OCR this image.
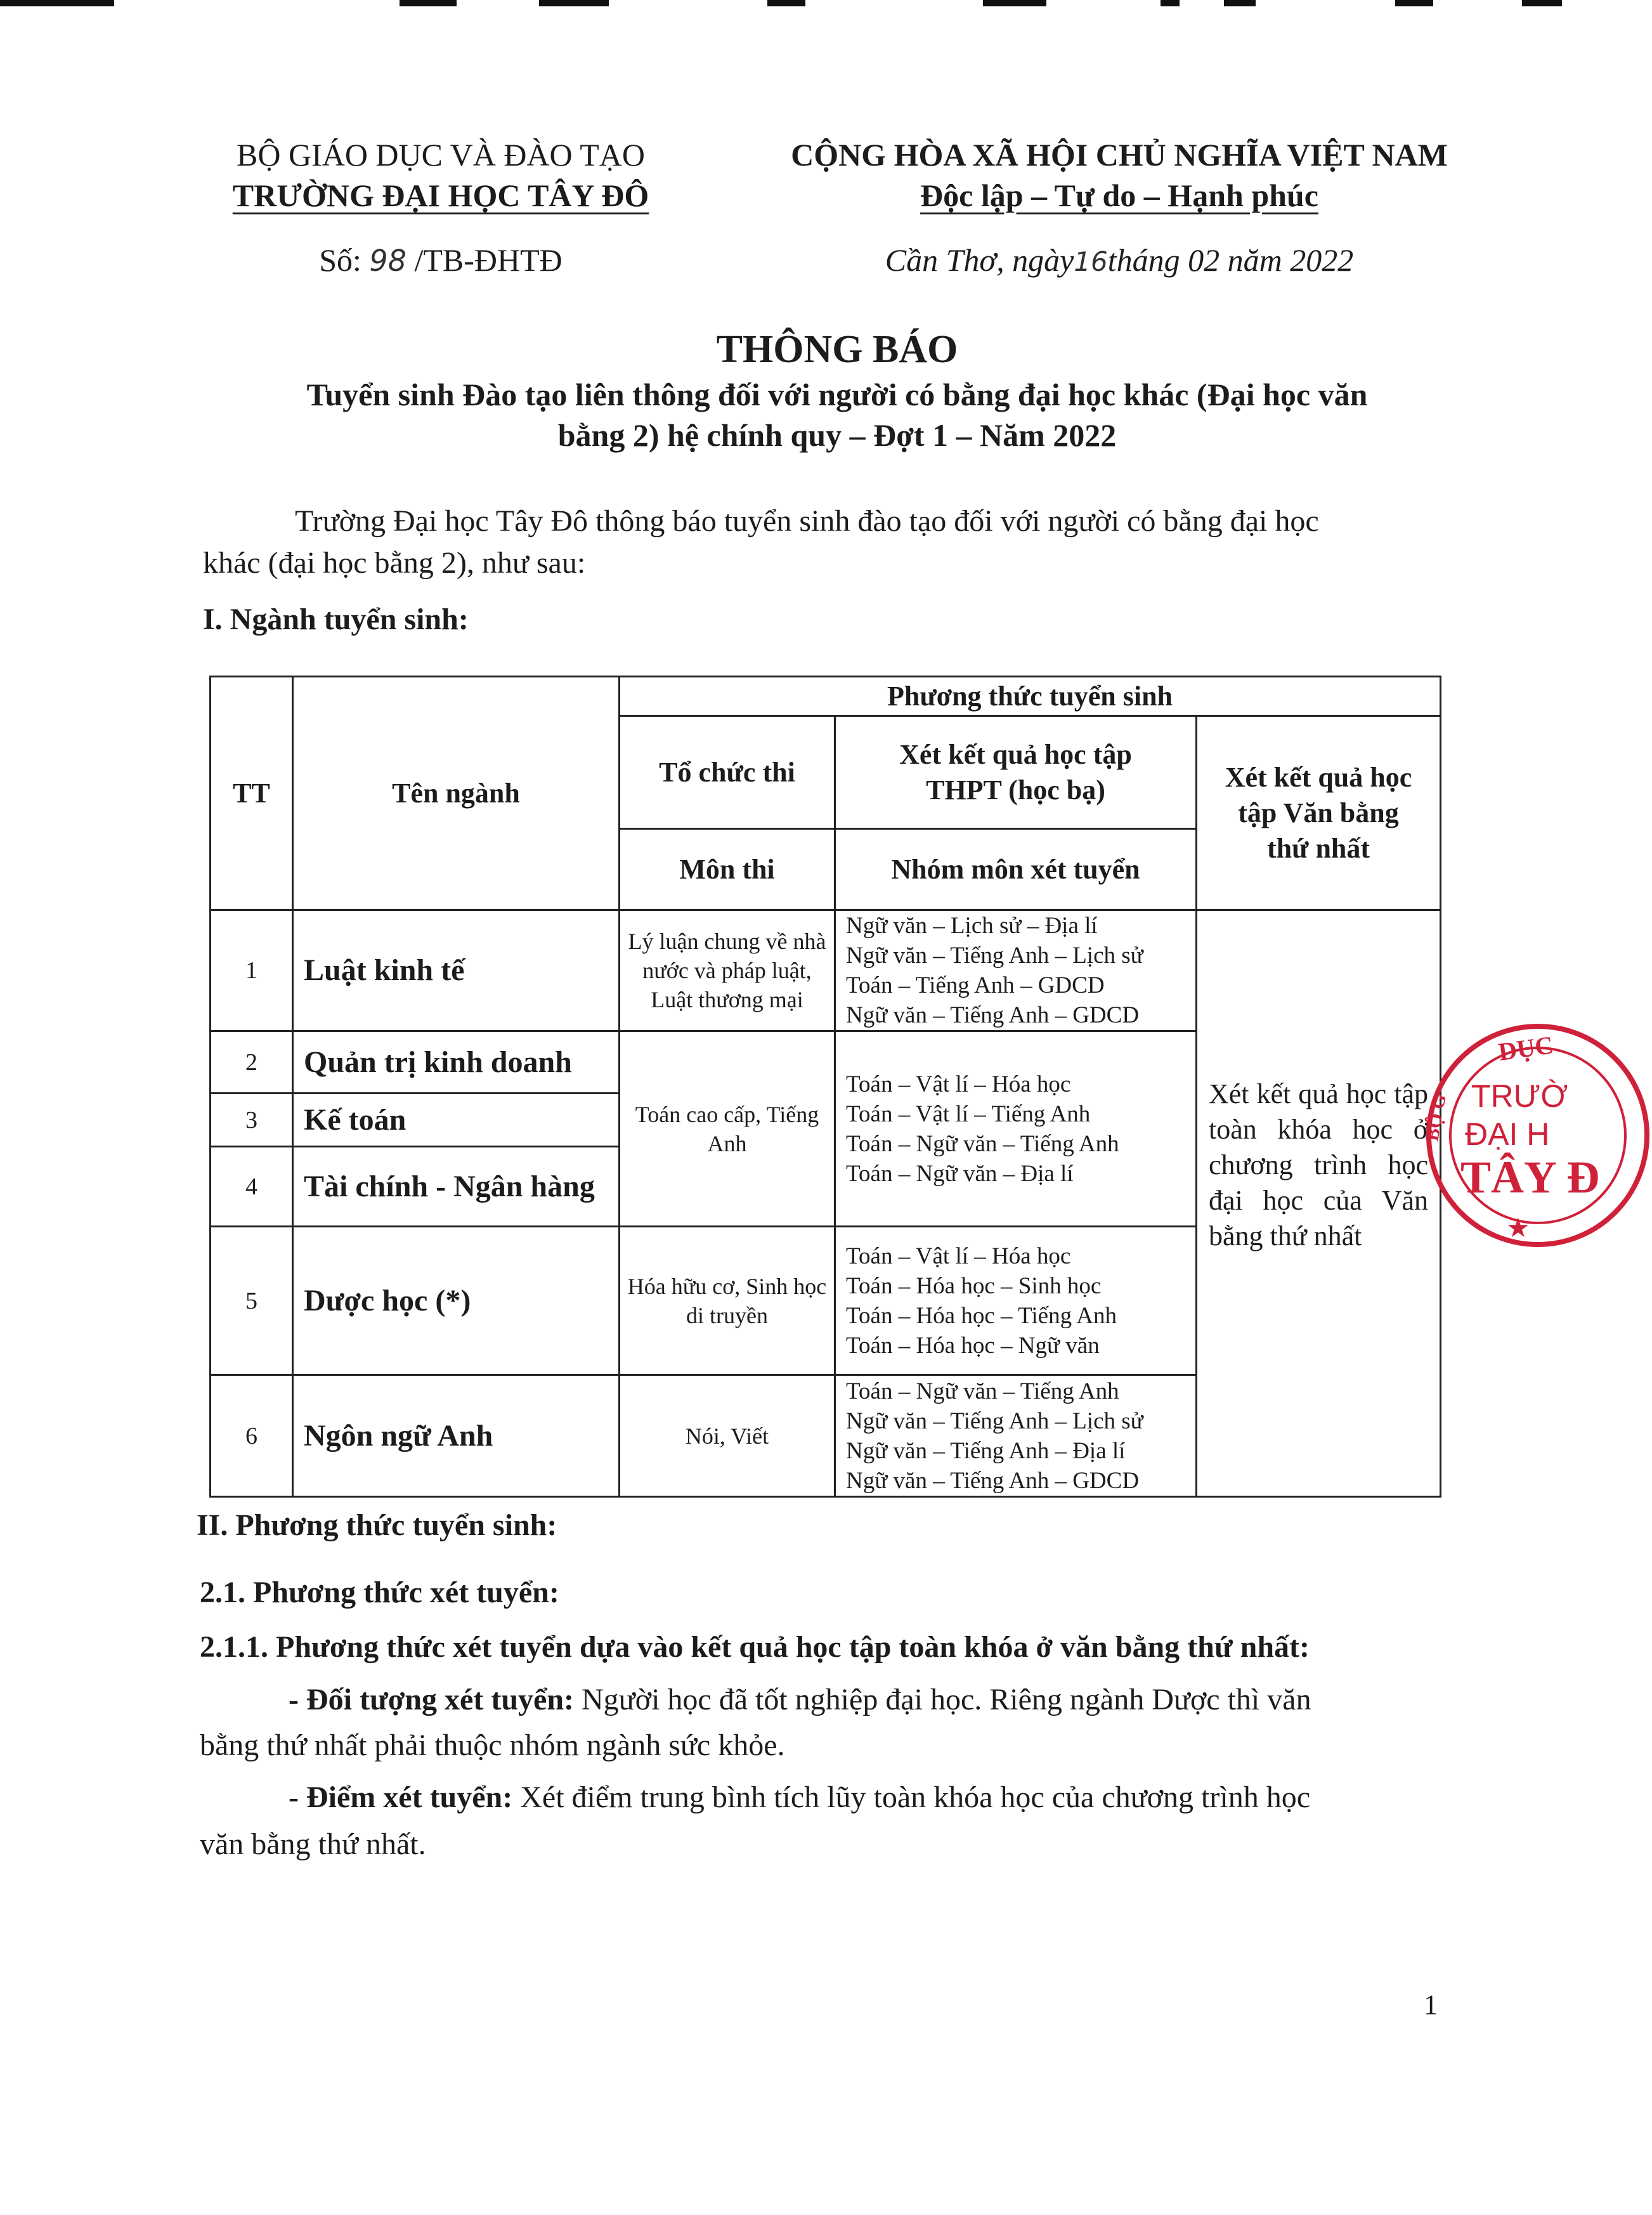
BỘ GIÁO DỤC VÀ ĐÀO TẠO
TRƯỜNG ĐẠI HỌC TÂY ĐÔ
Số: 98 /TB-ĐHTĐ
CỘNG HÒA XÃ HỘI CHỦ NGHĨA VIỆT NAM
Độc lập – Tự do – Hạnh phúc
Cần Thơ, ngày16tháng 02 năm 2022
THÔNG BÁO
Tuyển sinh Đào tạo liên thông đối với người có bằng đại học khác (Đại học văn
bằng 2) hệ chính quy – Đợt 1 – Năm 2022
Trường Đại học Tây Đô thông báo tuyển sinh đào tạo đối với người có bằng đại học
khác (đại học bằng 2), như sau:
I. Ngành tuyển sinh:
TT	Tên ngành	Phương thức tuyển sinh		
		Tổ chức thi	Xét kết quả học tập THPT (học bạ)	Xét kết quả học tập Văn bằng thứ nhất
		Môn thi	Nhóm môn xét tuyển	
1	Luật kinh tế	Lý luận chung về nhà nước và pháp luật, Luật thương mại	Ngữ văn – Lịch sử – Địa lí
Ngữ văn – Tiếng Anh – Lịch sử
Toán – Tiếng Anh – GDCD
Ngữ văn – Tiếng Anh – GDCD	Xét kết quả học tập toàn khóa học ở chương trình học đại học của Văn bằng thứ nhất

2	Quản trị kinh doanh	Toán cao cấp, Tiếng Anh	Toán – Vật lí – Hóa học
Toán – Vật lí – Tiếng Anh
Toán – Ngữ văn – Tiếng Anh
Toán – Ngữ văn – Địa lí	

3	Kế toán			
4	Tài chính - Ngân hàng			
5	Dược học (*)	Hóa hữu cơ, Sinh học di truyền	Toán – Vật lí – Hóa học
Toán – Hóa học – Sinh học
Toán – Hóa học – Tiếng Anh
Toán – Hóa học – Ngữ văn	

6	Ngôn ngữ Anh	Nói, Viết	Toán – Ngữ văn – Tiếng Anh
Ngữ văn – Tiếng Anh – Lịch sử
Ngữ văn – Tiếng Anh – Địa lí
Ngữ văn – Tiếng Anh – GDCD	
DỤC
TRƯỜ
ĐẠI H
TÂY Đ
BỘ G
★
II. Phương thức tuyển sinh:
2.1. Phương thức xét tuyển:
2.1.1. Phương thức xét tuyển dựa vào kết quả học tập toàn khóa ở văn bằng thứ nhất:
- Đối tượng xét tuyển: Người học đã tốt nghiệp đại học. Riêng ngành Dược thì văn
bằng thứ nhất phải thuộc nhóm ngành sức khỏe.
- Điểm xét tuyển: Xét điểm trung bình tích lũy toàn khóa học của chương trình học
văn bằng thứ nhất.
1
